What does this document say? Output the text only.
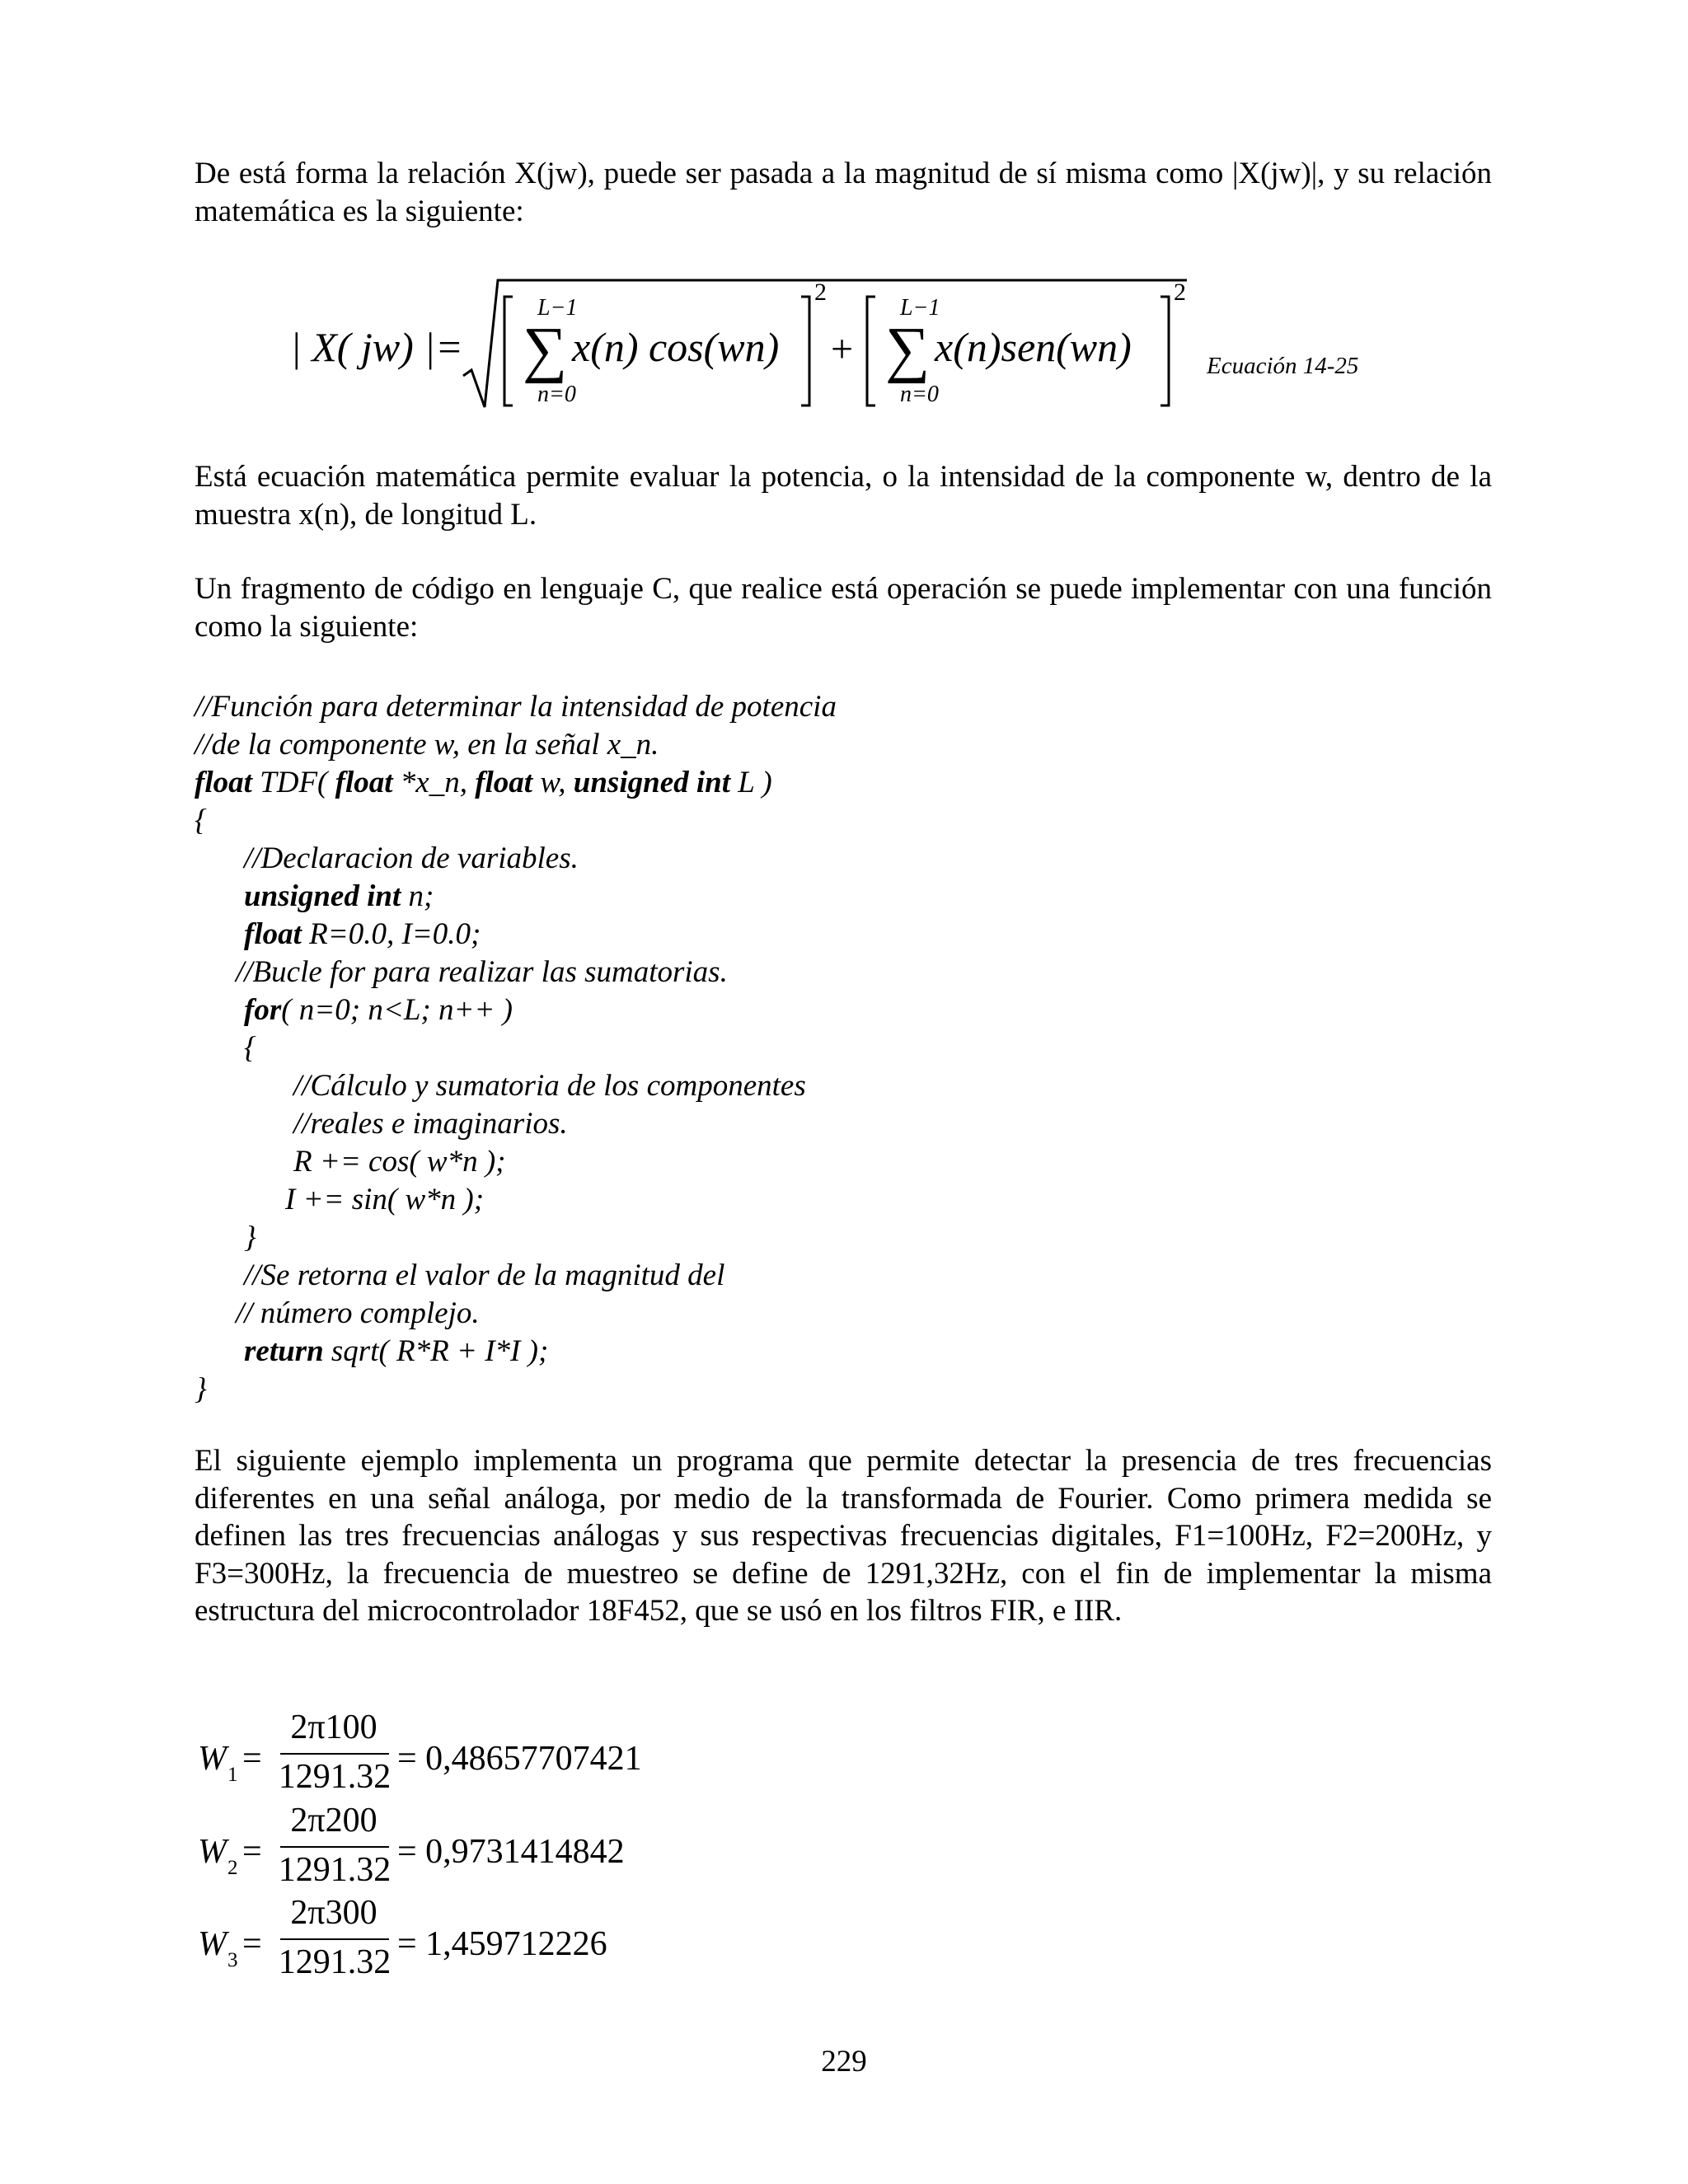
De está forma la relación X(jw), puede ser pasada a la magnitud de sí misma como |X(jw)|, y su relación matemática es la siguiente:

| X( jw) |=
L−1
∑
n=0
x(n) cos(wn)
2
+
L−1
∑
n=0
x(n)sen(wn)
2
Ecuación 14-25

Está ecuación matemática permite evaluar la potencia, o la intensidad de la componente w, dentro de la muestra x(n), de longitud L.

Un fragmento de código en lenguaje C, que realice está operación se puede implementar con una función como la siguiente:

//Función para determinar la intensidad de potencia
//de la componente w, en la señal x_n.
float TDF( float *x_n, float w, unsigned int L )
{
//Declaracion de variables.
unsigned int n;
float R=0.0, I=0.0;
//Bucle for para realizar las sumatorias.
for( n=0; n<L; n++ )
{
//Cálculo y sumatoria de los componentes
//reales e imaginarios.
R += cos( w*n );
I += sin( w*n );
}
//Se retorna el valor de la magnitud del
// número complejo.
return sqrt( R*R + I*I );
}

El siguiente ejemplo implementa un programa que permite detectar la presencia de tres frecuencias diferentes en una señal análoga, por medio de la transformada de Fourier. Como primera medida se definen las tres frecuencias análogas y sus respectivas frecuencias digitales, F1=100Hz, F2=200Hz, y F3=300Hz, la frecuencia de muestreo se define de 1291,32Hz, con el fin de implementar la misma estructura del microcontrolador 18F452, que se usó en los filtros FIR, e IIR.

W 1 =
2π100
1291.32 = 0,48657707421
W 2 =
2π200
1291.32 = 0,9731414842
W 3 =
2π300
1291.32 = 1,459712226
229
